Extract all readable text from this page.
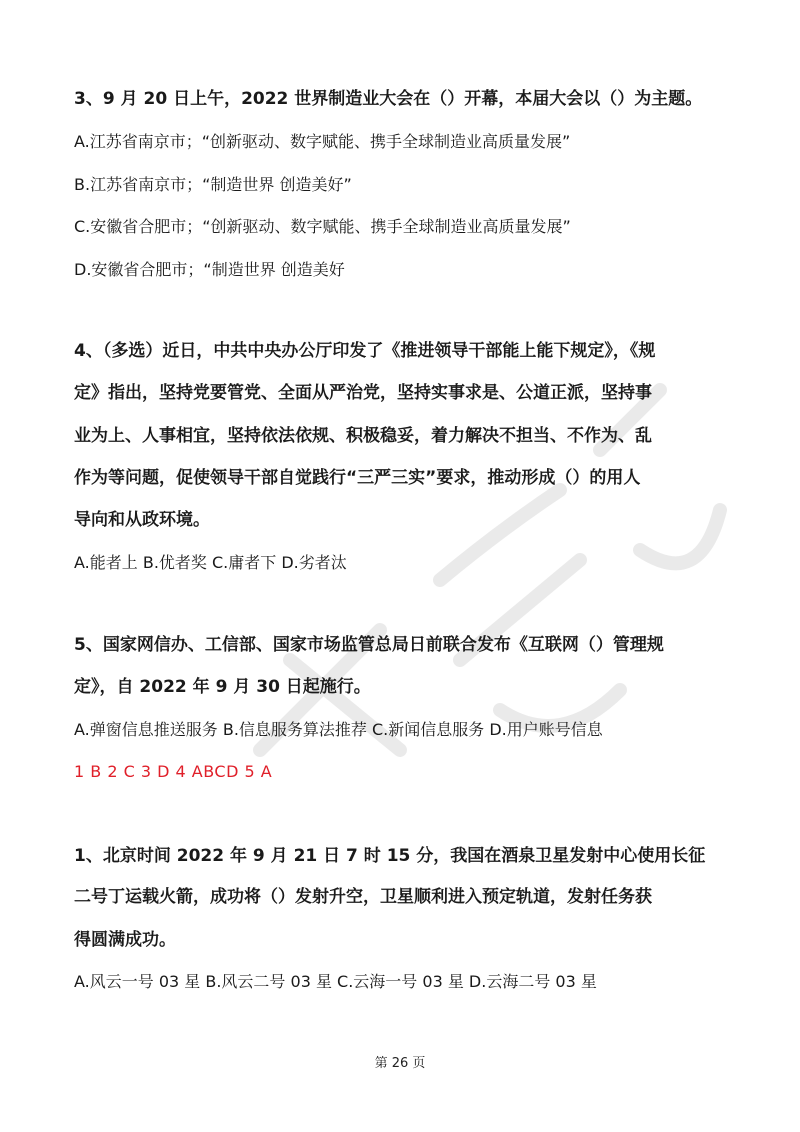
3、9 月 20 日上午，2022 世界制造业大会在（）开幕，本届大会以（）为主题。
A.江苏省南京市；“创新驱动、数字赋能、携手全球制造业高质量发展”
B.江苏省南京市；“制造世界 创造美好”
C.安徽省合肥市；“创新驱动、数字赋能、携手全球制造业高质量发展”
D.安徽省合肥市；“制造世界 创造美好
4、（多选）近日，中共中央办公厅印发了《推进领导干部能上能下规定》，《规
定》指出，坚持党要管党、全面从严治党，坚持实事求是、公道正派，坚持事
业为上、人事相宜，坚持依法依规、积极稳妥，着力解决不担当、不作为、乱
作为等问题，促使领导干部自觉践行“三严三实”要求，推动形成（）的用人
导向和从政环境。
A.能者上 B.优者奖 C.庸者下 D.劣者汰
5、国家网信办、工信部、国家市场监管总局日前联合发布《互联网（）管理规
定》，自 2022 年 9 月 30 日起施行。
A.弹窗信息推送服务 B.信息服务算法推荐 C.新闻信息服务 D.用户账号信息
1 B 2 C 3 D 4 ABCD 5 A
1、北京时间 2022 年 9 月 21 日 7 时 15 分，我国在酒泉卫星发射中心使用长征
二号丁运载火箭，成功将（）发射升空，卫星顺利进入预定轨道，发射任务获
得圆满成功。
A.风云一号 03 星 B.风云二号 03 星 C.云海一号 03 星 D.云海二号 03 星
第 26 页
